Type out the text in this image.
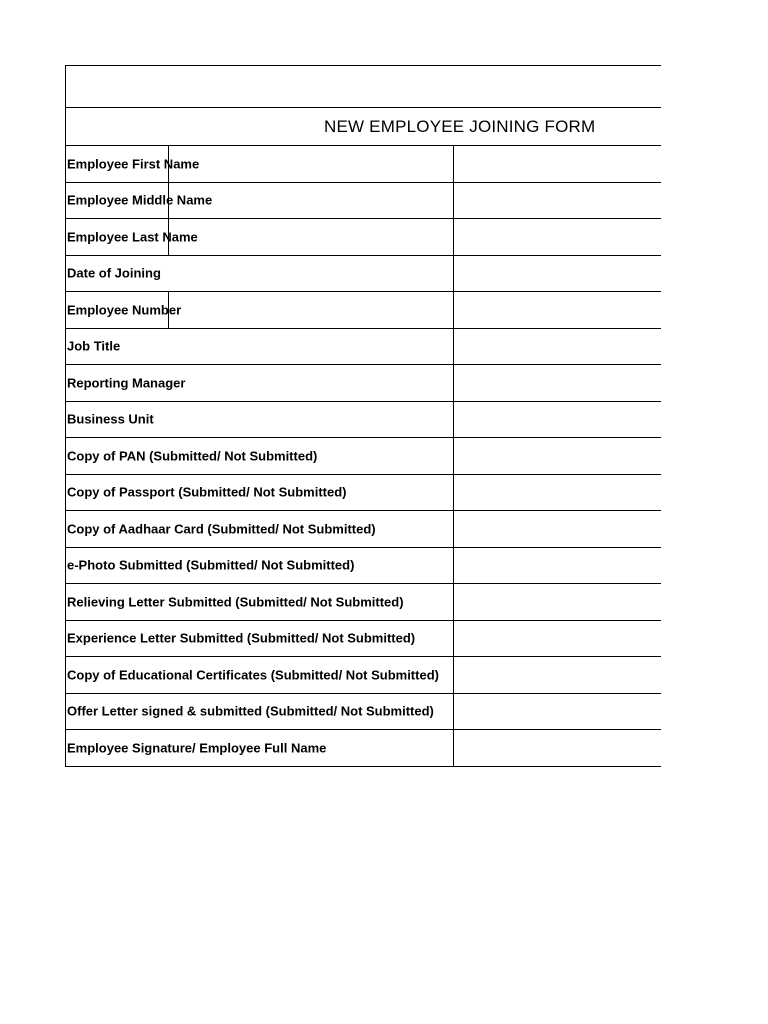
NEW EMPLOYEE JOINING FORM
Employee First Name
Employee Middle Name
Employee Last Name
Date of Joining
Employee Number
Job Title
Reporting Manager
Business Unit
Copy of PAN (Submitted/ Not Submitted)
Copy of Passport (Submitted/ Not Submitted)
Copy of Aadhaar Card (Submitted/ Not Submitted)
e-Photo Submitted (Submitted/ Not Submitted)
Relieving Letter Submitted (Submitted/ Not Submitted)
Experience Letter Submitted (Submitted/ Not Submitted)
Copy of Educational Certificates (Submitted/ Not Submitted)
Offer Letter signed & submitted (Submitted/ Not Submitted)
Employee Signature/ Employee Full Name
